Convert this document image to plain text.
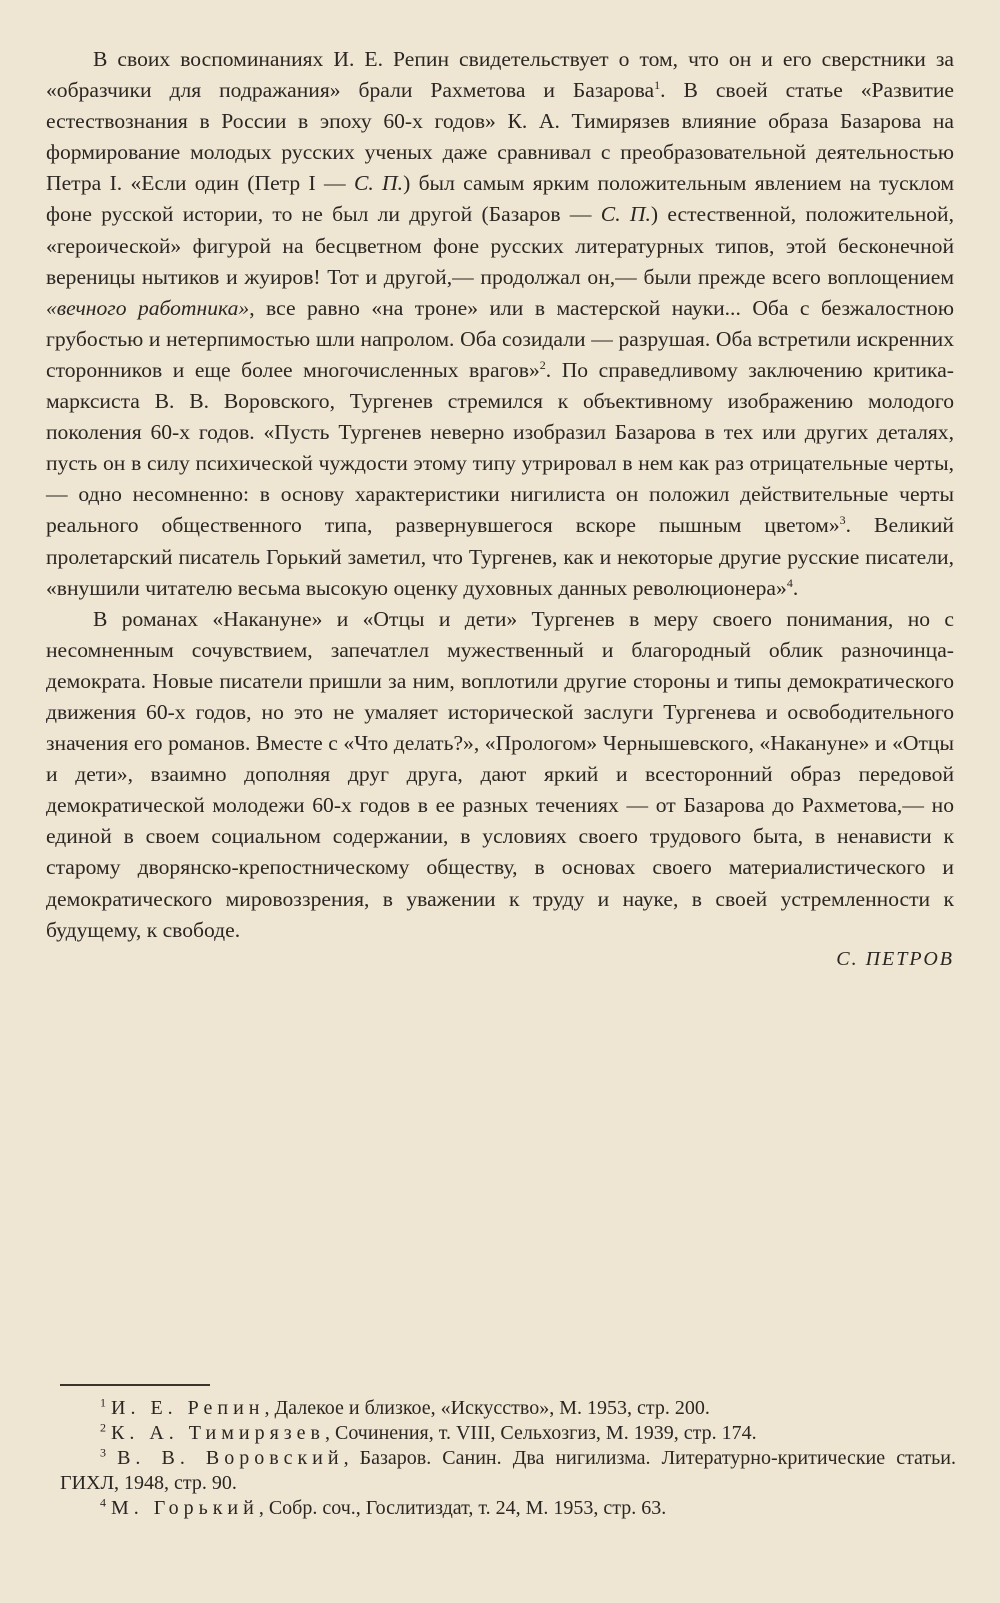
В своих воспоминаниях И. Е. Репин свидетельствует о том, что он и его сверстники за «образчики для подражания» брали Рахметова и Базарова$^1$. В своей статье «Развитие естествознания в России в эпоху 60-х годов» К. А. Тимирязев влияние образа Базарова на формирование молодых русских ученых даже сравнивал с преобразовательной деятельностью Петра I. «Если один (Петр I — С. П.) был самым ярким положительным явлением на тусклом фоне русской истории, то не был ли другой (Базаров — С. П.) естественной, положительной, «героической» фигурой на бесцветном фоне русских литературных типов, этой бесконечной вереницы нытиков и жуиров! Тот и другой,— продолжал он,— были прежде всего воплощением «вечного работника», все равно «на троне» или в мастерской науки... Оба с безжалостною грубостью и нетерпимостью шли напролом. Оба созидали — разрушая. Оба встретили искренних сторонников и еще более многочисленных врагов»$^2$. По справедливому заключению критика-марксиста В. В. Воровского, Тургенев стремился к объективному изображению молодого поколения 60-х годов. «Пусть Тургенев неверно изобразил Базарова в тех или других деталях, пусть он в силу психической чуждости этому типу утрировал в нем как раз отрицательные черты,— одно несомненно: в основу характеристики нигилиста он положил действительные черты реального общественного типа, развернувшегося вскоре пышным цветом»$^3$. Великий пролетарский писатель Горький заметил, что Тургенев, как и некоторые другие русские писатели, «внушили читателю весьма высокую оценку духовных данных революционера»$^4$.

В романах «Накануне» и «Отцы и дети» Тургенев в меру своего понимания, но с несомненным сочувствием, запечатлел мужественный и благородный облик разночинца-демократа. Новые писатели пришли за ним, воплотили другие стороны и типы демократического движения 60-х годов, но это не умаляет исторической заслуги Тургенева и освободительного значения его романов. Вместе с «Что делать?», «Прологом» Чернышевского, «Накануне» и «Отцы и дети», взаимно дополняя друг друга, дают яркий и всесторонний образ передовой демократической молодежи 60-х годов в ее разных течениях — от Базарова до Рахметова,— но единой в своем социальном содержании, в условиях своего трудового быта, в ненависти к старому дворянско-крепостническому обществу, в основах своего материалистического и демократического мировоззрения, в уважении к труду и науке, в своей устремленности к будущему, к свободе.

С. ПЕТРОВ

$^1$ И. Е. Репин, Далекое и близкое, «Искусство», М. 1953, стр. 200.

$^2$ К. А. Тимирязев, Сочинения, т. VIII, Сельхозгиз, М. 1939, стр. 174.

$^3$ В. В. Воровский, Базаров. Санин. Два нигилизма. Литературно-критические статьи. ГИХЛ, 1948, стр. 90.

$^4$ М. Горький, Собр. соч., Гослитиздат, т. 24, М. 1953, стр. 63.
